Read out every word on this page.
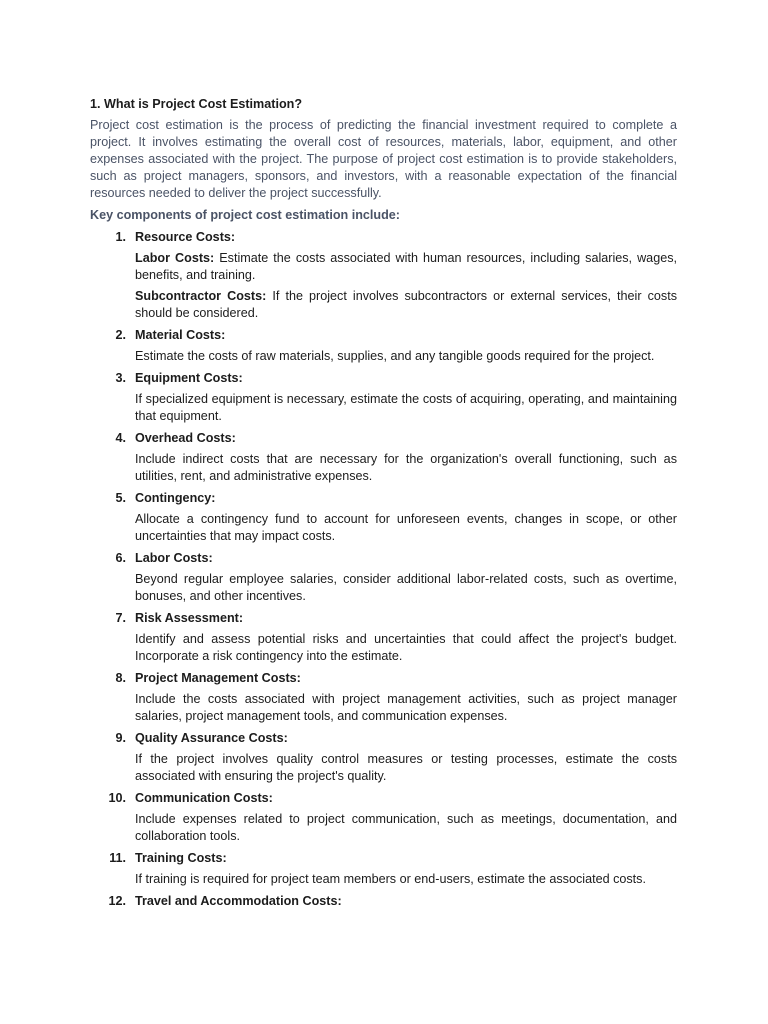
1. What is Project Cost Estimation?

Project cost estimation is the process of predicting the financial investment required to complete a project. It involves estimating the overall cost of resources, materials, labor, equipment, and other expenses associated with the project. The purpose of project cost estimation is to provide stakeholders, such as project managers, sponsors, and investors, with a reasonable expectation of the financial resources needed to deliver the project successfully.

Key components of project cost estimation include:
1. Resource Costs:

Labor Costs: Estimate the costs associated with human resources, including salaries, wages, benefits, and training.

Subcontractor Costs: If the project involves subcontractors or external services, their costs should be considered.

2. Material Costs:

Estimate the costs of raw materials, supplies, and any tangible goods required for the project.

3. Equipment Costs:

If specialized equipment is necessary, estimate the costs of acquiring, operating, and maintaining that equipment.

4. Overhead Costs:

Include indirect costs that are necessary for the organization's overall functioning, such as utilities, rent, and administrative expenses.

5. Contingency:

Allocate a contingency fund to account for unforeseen events, changes in scope, or other uncertainties that may impact costs.

6. Labor Costs:

Beyond regular employee salaries, consider additional labor-related costs, such as overtime, bonuses, and other incentives.

7. Risk Assessment:

Identify and assess potential risks and uncertainties that could affect the project's budget. Incorporate a risk contingency into the estimate.

8. Project Management Costs:

Include the costs associated with project management activities, such as project manager salaries, project management tools, and communication expenses.

9. Quality Assurance Costs:

If the project involves quality control measures or testing processes, estimate the costs associated with ensuring the project's quality.

10. Communication Costs:

Include expenses related to project communication, such as meetings, documentation, and collaboration tools.

11. Training Costs:

If training is required for project team members or end-users, estimate the associated costs.

12. Travel and Accommodation Costs:
